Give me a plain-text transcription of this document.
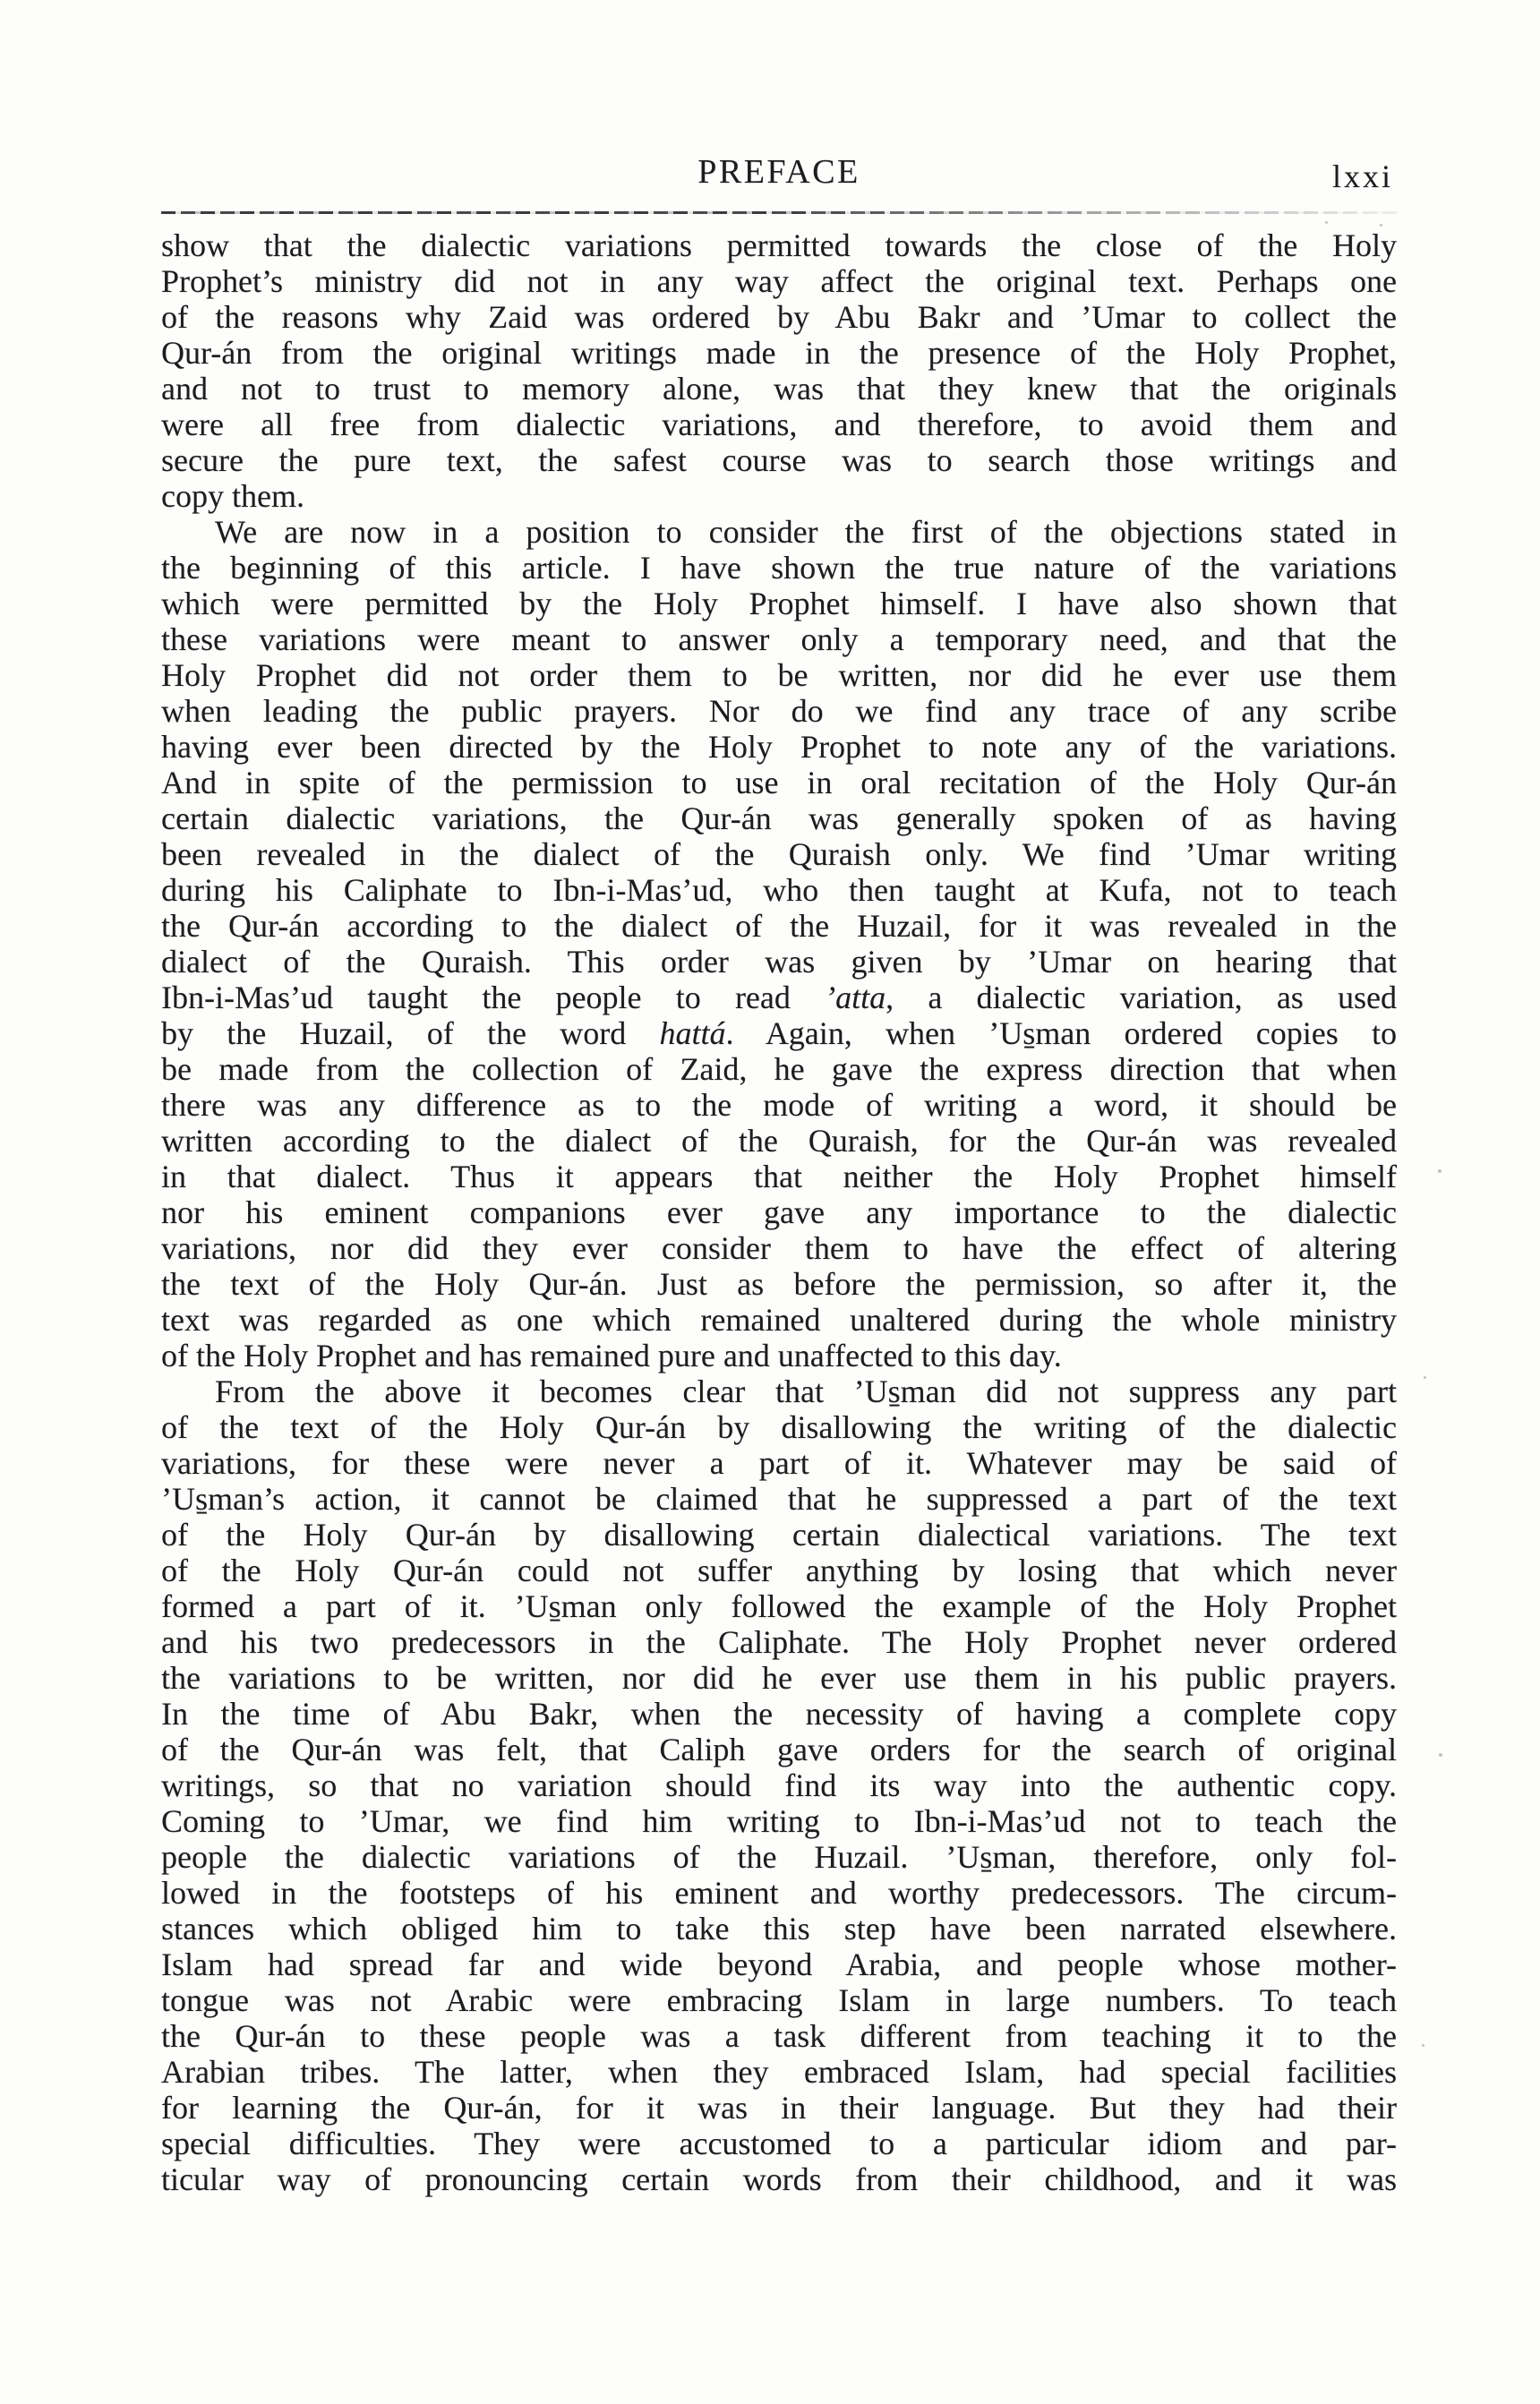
PREFACE	lxxi
show that the dialectic variations permitted towards the close of the Holy
Prophet’s ministry did not in any way affect the original text. Perhaps one
of the reasons why Zaid was ordered by Abu Bakr and ’Umar to collect the
Qur-án from the original writings made in the presence of the Holy Prophet,
and not to trust to memory alone, was that they knew that the originals
were all free from dialectic variations, and therefore, to avoid them and
secure the pure text, the safest course was to search those writings and
copy them.
We are now in a position to consider the first of the objections stated in
the beginning of this article. I have shown the true nature of the variations
which were permitted by the Holy Prophet himself. I have also shown that
these variations were meant to answer only a temporary need, and that the
Holy Prophet did not order them to be written, nor did he ever use them
when leading the public prayers. Nor do we find any trace of any scribe
having ever been directed by the Holy Prophet to note any of the variations.
And in spite of the permission to use in oral recitation of the Holy Qur-án
certain dialectic variations, the Qur-án was generally spoken of as having
been revealed in the dialect of the Quraish only. We find ’Umar writing
during his Caliphate to Ibn-i-Mas’ud, who then taught at Kufa, not to teach
the Qur-án according to the dialect of the Huzail, for it was revealed in the
dialect of the Quraish. This order was given by ’Umar on hearing that
Ibn-i-Mas’ud taught the people to read ’atta, a dialectic variation, as used
by the Huzail, of the word hattá. Again, when ’Us̱man ordered copies to
be made from the collection of Zaid, he gave the express direction that when
there was any difference as to the mode of writing a word, it should be
written according to the dialect of the Quraish, for the Qur-án was revealed
in that dialect. Thus it appears that neither the Holy Prophet himself
nor his eminent companions ever gave any importance to the dialectic
variations, nor did they ever consider them to have the effect of altering
the text of the Holy Qur-án. Just as before the permission, so after it, the
text was regarded as one which remained unaltered during the whole ministry
of the Holy Prophet and has remained pure and unaffected to this day.
From the above it becomes clear that ’Us̱man did not suppress any part
of the text of the Holy Qur-án by disallowing the writing of the dialectic
variations, for these were never a part of it. Whatever may be said of
’Us̱man’s action, it cannot be claimed that he suppressed a part of the text
of the Holy Qur-án by disallowing certain dialectical variations. The text
of the Holy Qur-án could not suffer anything by losing that which never
formed a part of it. ’Us̱man only followed the example of the Holy Prophet
and his two predecessors in the Caliphate. The Holy Prophet never ordered
the variations to be written, nor did he ever use them in his public prayers.
In the time of Abu Bakr, when the necessity of having a complete copy
of the Qur-án was felt, that Caliph gave orders for the search of original
writings, so that no variation should find its way into the authentic copy.
Coming to ’Umar, we find him writing to Ibn-i-Mas’ud not to teach the
people the dialectic variations of the Huzail. ’Us̱man, therefore, only fol-
lowed in the footsteps of his eminent and worthy predecessors. The circum-
stances which obliged him to take this step have been narrated elsewhere.
Islam had spread far and wide beyond Arabia, and people whose mother-
tongue was not Arabic were embracing Islam in large numbers. To teach
the Qur-án to these people was a task different from teaching it to the
Arabian tribes. The latter, when they embraced Islam, had special facilities
for learning the Qur-án, for it was in their language. But they had their
special difficulties. They were accustomed to a particular idiom and par-
ticular way of pronouncing certain words from their childhood, and it was
